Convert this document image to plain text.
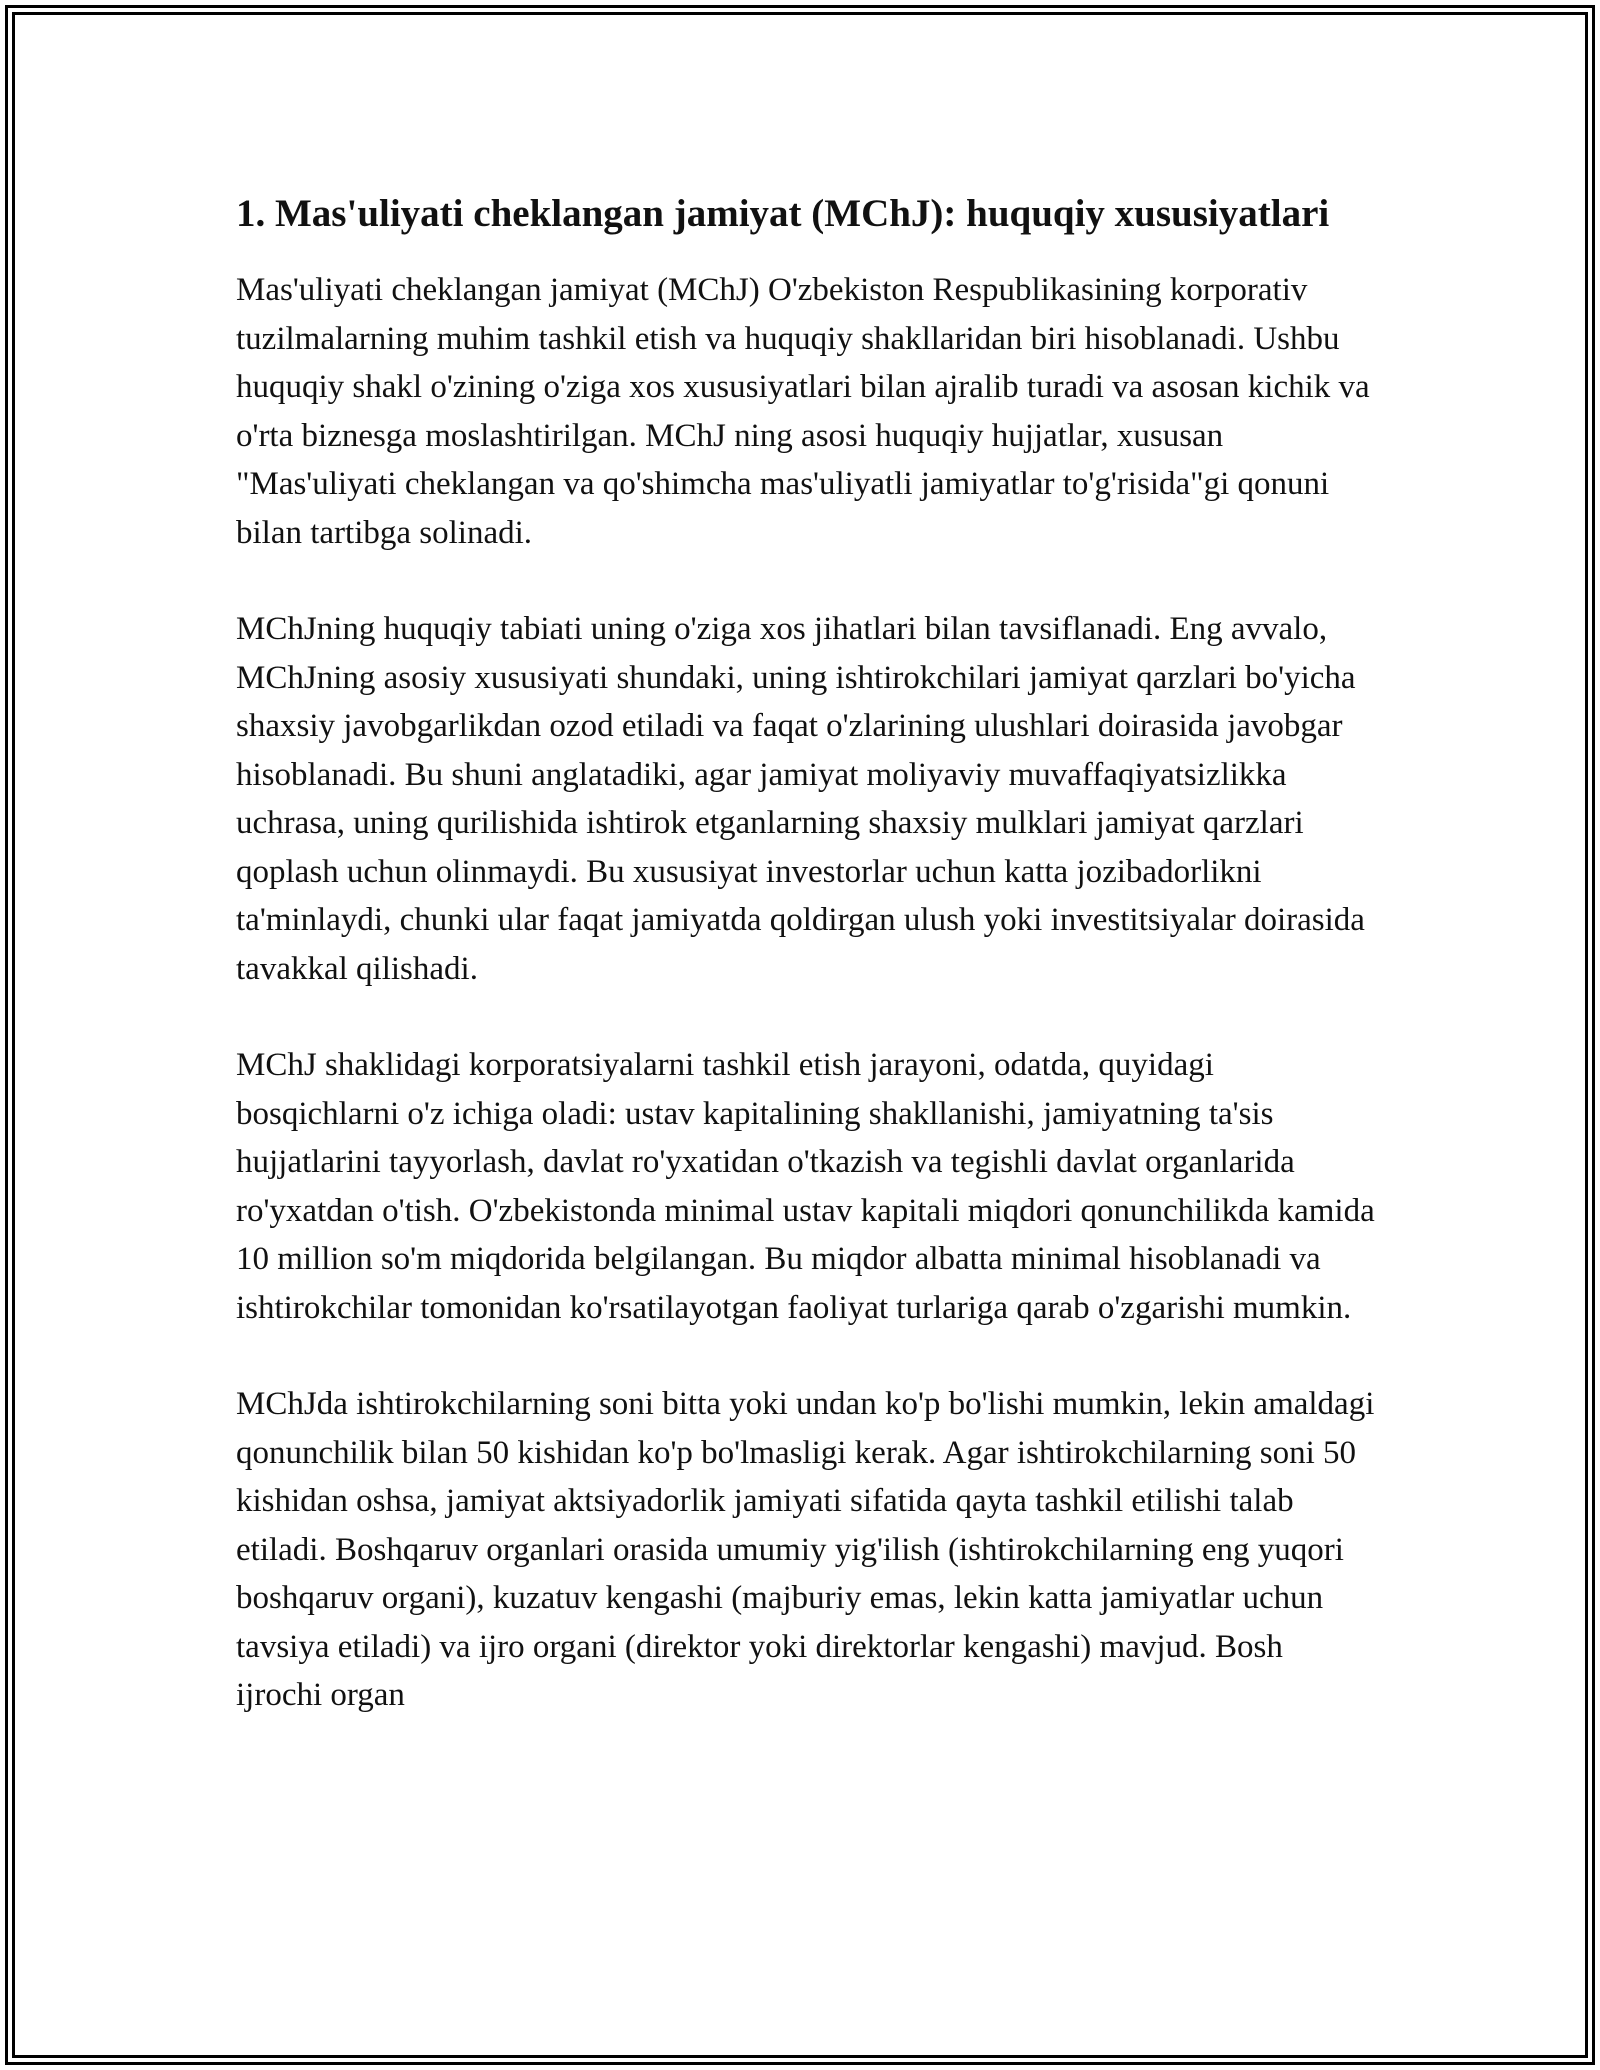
1. Mas'uliyati cheklangan jamiyat (MChJ): huquqiy xususiyatlari

Mas'uliyati cheklangan jamiyat (MChJ) O'zbekiston Respublikasining korporativ tuzilmalarning muhim tashkil etish va huquqiy shakllaridan biri hisoblanadi. Ushbu huquqiy shakl o'zining o'ziga xos xususiyatlari bilan ajralib turadi va asosan kichik va o'rta biznesga moslashtirilgan. MChJ ning asosi huquqiy hujjatlar, xususan "Mas'uliyati cheklangan va qo'shimcha mas'uliyatli jamiyatlar to'g'risida"gi qonuni bilan tartibga solinadi.

MChJning huquqiy tabiati uning o'ziga xos jihatlari bilan tavsiflanadi. Eng avvalo, MChJning asosiy xususiyati shundaki, uning ishtirokchilari jamiyat qarzlari bo'yicha shaxsiy javobgarlikdan ozod etiladi va faqat o'zlarining ulushlari doirasida javobgar hisoblanadi. Bu shuni anglatadiki, agar jamiyat moliyaviy muvaffaqiyatsizlikka uchrasa, uning qurilishida ishtirok etganlarning shaxsiy mulklari jamiyat qarzlari qoplash uchun olinmaydi. Bu xususiyat investorlar uchun katta jozibadorlikni ta'minlaydi, chunki ular faqat jamiyatda qoldirgan ulush yoki investitsiyalar doirasida tavakkal qilishadi.

MChJ shaklidagi korporatsiyalarni tashkil etish jarayoni, odatda, quyidagi bosqichlarni o'z ichiga oladi: ustav kapitalining shakllanishi, jamiyatning ta'sis hujjatlarini tayyorlash, davlat ro'yxatidan o'tkazish va tegishli davlat organlarida ro'yxatdan o'tish. O'zbekistonda minimal ustav kapitali miqdori qonunchilikda kamida 10 million so'm miqdorida belgilangan. Bu miqdor albatta minimal hisoblanadi va ishtirokchilar tomonidan ko'rsatilayotgan faoliyat turlariga qarab o'zgarishi mumkin.

MChJda ishtirokchilarning soni bitta yoki undan ko'p bo'lishi mumkin, lekin amaldagi qonunchilik bilan 50 kishidan ko'p bo'lmasligi kerak. Agar ishtirokchilarning soni 50 kishidan oshsa, jamiyat aktsiyadorlik jamiyati sifatida qayta tashkil etilishi talab etiladi. Boshqaruv organlari orasida umumiy yig'ilish (ishtirokchilarning eng yuqori boshqaruv organi), kuzatuv kengashi (majburiy emas, lekin katta jamiyatlar uchun tavsiya etiladi) va ijro organi (direktor yoki direktorlar kengashi) mavjud. Bosh ijrochi organ
